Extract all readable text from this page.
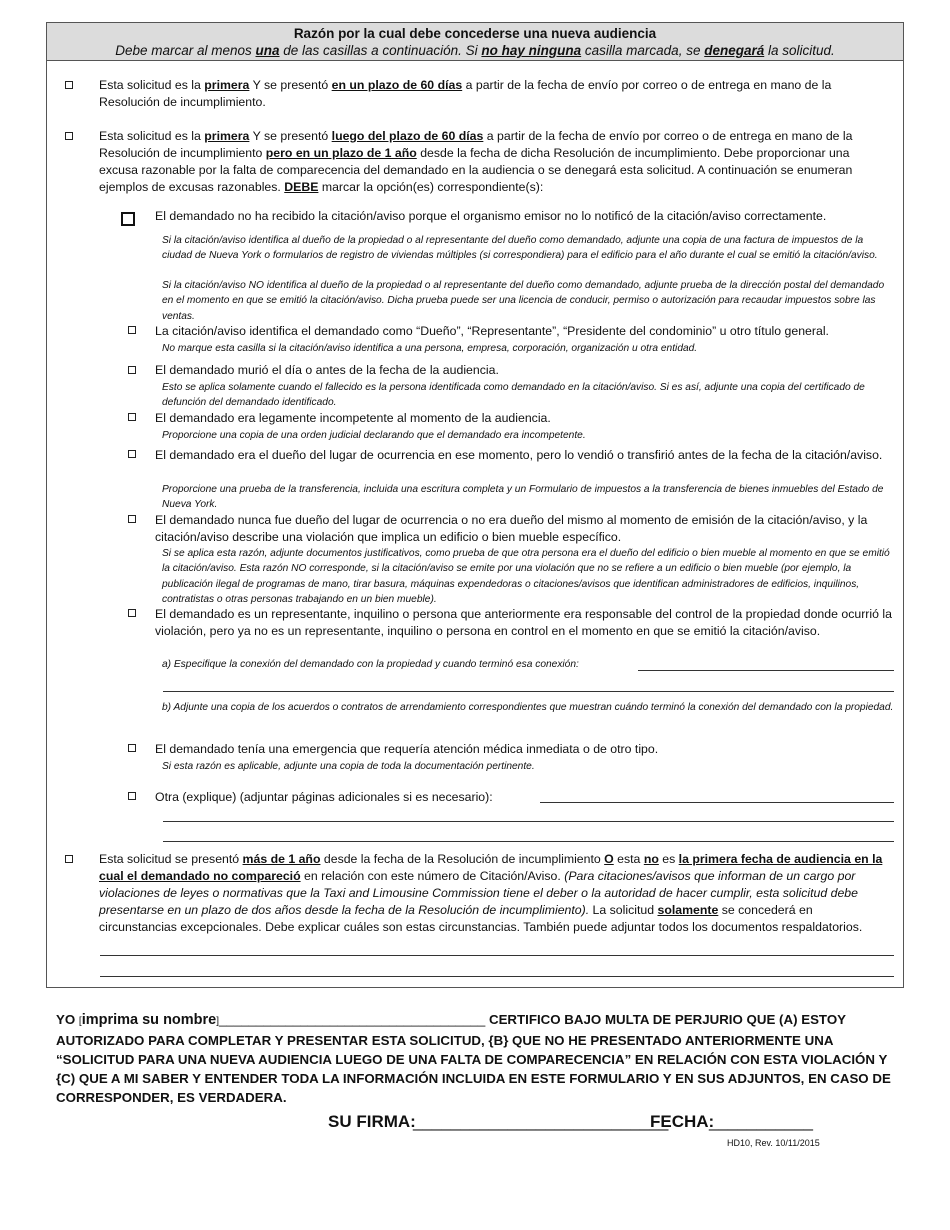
Razón por la cual debe concederse una nueva audiencia
Debe marcar al menos una de las casillas a continuación. Si no hay ninguna casilla marcada, se denegará la solicitud.
Esta solicitud es la primera Y se presentó en un plazo de 60 días a partir de la fecha de envío por correo o de entrega en mano de la Resolución de incumplimiento.
Esta solicitud es la primera Y se presentó luego del plazo de 60 días a partir de la fecha de envío por correo o de entrega en mano de la Resolución de incumplimiento pero en un plazo de 1 año desde la fecha de dicha Resolución de incumplimiento. Debe proporcionar una excusa razonable por la falta de comparecencia del demandado en la audiencia o se denegará esta solicitud. A continuación se enumeran ejemplos de excusas razonables. DEBE marcar la opción(es) correspondiente(s):
El demandado no ha recibido la citación/aviso porque el organismo emisor no lo notificó de la citación/aviso correctamente.
Si la citación/aviso identifica al dueño de la propiedad o al representante del dueño como demandado, adjunte una copia de una factura de impuestos de la ciudad de Nueva York o formularios de registro de viviendas múltiples (si correspondiera) para el edificio para el año durante el cual se emitió la citación/aviso.
Si la citación/aviso NO identifica al dueño de la propiedad o al representante del dueño como demandado, adjunte prueba de la dirección postal del demandado en el momento en que se emitió la citación/aviso. Dicha prueba puede ser una licencia de conducir, permiso o autorización para recaudar impuestos sobre las ventas.
La citación/aviso identifica el demandado como “Dueño”, “Representante”, “Presidente del condominio” u otro título general.
No marque esta casilla si la citación/aviso identifica a una persona, empresa, corporación, organización u otra entidad.
El demandado murió el día o antes de la fecha de la audiencia.
Esto se aplica solamente cuando el fallecido es la persona identificada como demandado en la citación/aviso. Si es así, adjunte una copia del certificado de defunción del demandado identificado.
El demandado era legamente incompetente al momento de la audiencia.
Proporcione una copia de una orden judicial declarando que el demandado era incompetente.
El demandado era el dueño del lugar de ocurrencia en ese momento, pero lo vendió o transfirió antes de la fecha de la citación/aviso.
Proporcione una prueba de la transferencia, incluida una escritura completa y un Formulario de impuestos a la transferencia de bienes inmuebles del Estado de Nueva York.
El demandado nunca fue dueño del lugar de ocurrencia o no era dueño del mismo al momento de emisión de la citación/aviso, y la citación/aviso describe una violación que implica un edificio o bien mueble específico.
Si se aplica esta razón, adjunte documentos justificativos, como prueba de que otra persona era el dueño del edificio o bien mueble al momento en que se emitió la citación/aviso. Esta razón NO corresponde, si la citación/aviso se emite por una violación que no se refiere a un edificio o bien mueble (por ejemplo, la publicación ilegal de programas de mano, tirar basura, máquinas expendedoras o citaciones/avisos que identifican administradores de edificios, inquilinos, contratistas o otras personas trabajando en un bien mueble).
El demandado es un representante, inquilino o persona que anteriormente era responsable del control de la propiedad donde ocurrió la violación, pero ya no es un representante, inquilino o persona en control en el momento en que se emitió la citación/aviso.
a) Especifique la conexión del demandado con la propiedad y cuando terminó esa conexión:
b) Adjunte una copia de los acuerdos o contratos de arrendamiento correspondientes que muestran cuándo terminó la conexión del demandado con la propiedad.
El demandado tenía una emergencia que requería atención médica inmediata o de otro tipo.
Si esta razón es aplicable, adjunte una copia de toda la documentación pertinente.
Otra (explique) (adjuntar páginas adicionales si es necesario):
Esta solicitud se presentó más de 1 año desde la fecha de la Resolución de incumplimiento O esta no es la primera fecha de audiencia en la cual el demandado no compareció en relación con este número de Citación/Aviso. (Para citaciones/avisos que informan de un cargo por violaciones de leyes o normativas que la Taxi and Limousine Commission tiene el deber o la autoridad de hacer cumplir, esta solicitud debe presentarse en un plazo de dos años desde la fecha de la Resolución de incumplimiento). La solicitud solamente se concederá en circunstancias excepcionales. Debe explicar cuáles son estas circunstancias. También puede adjuntar todos los documentos respaldatorios.
YO [imprima su nombre]____________________________________ CERTIFICO BAJO MULTA DE PERJURIO QUE (A) ESTOY AUTORIZADO PARA COMPLETAR Y PRESENTAR ESTA SOLICITUD, {B} QUE NO HE PRESENTADO ANTERIORMENTE UNA “SOLICITUD PARA UNA NUEVA AUDIENCIA LUEGO DE UNA FALTA DE COMPARECENCIA” EN RELACIÓN CON ESTA VIOLACIÓN Y {C) QUE A MI SABER Y ENTENDER TODA LA INFORMACIÓN INCLUIDA EN ESTE FORMULARIO Y EN SUS ADJUNTOS, EN CASO DE CORRESPONDER, ES VERDADERA.
SU FIRMA:
___________________________
FECHA:
___________
HD10, Rev. 10/11/2015
